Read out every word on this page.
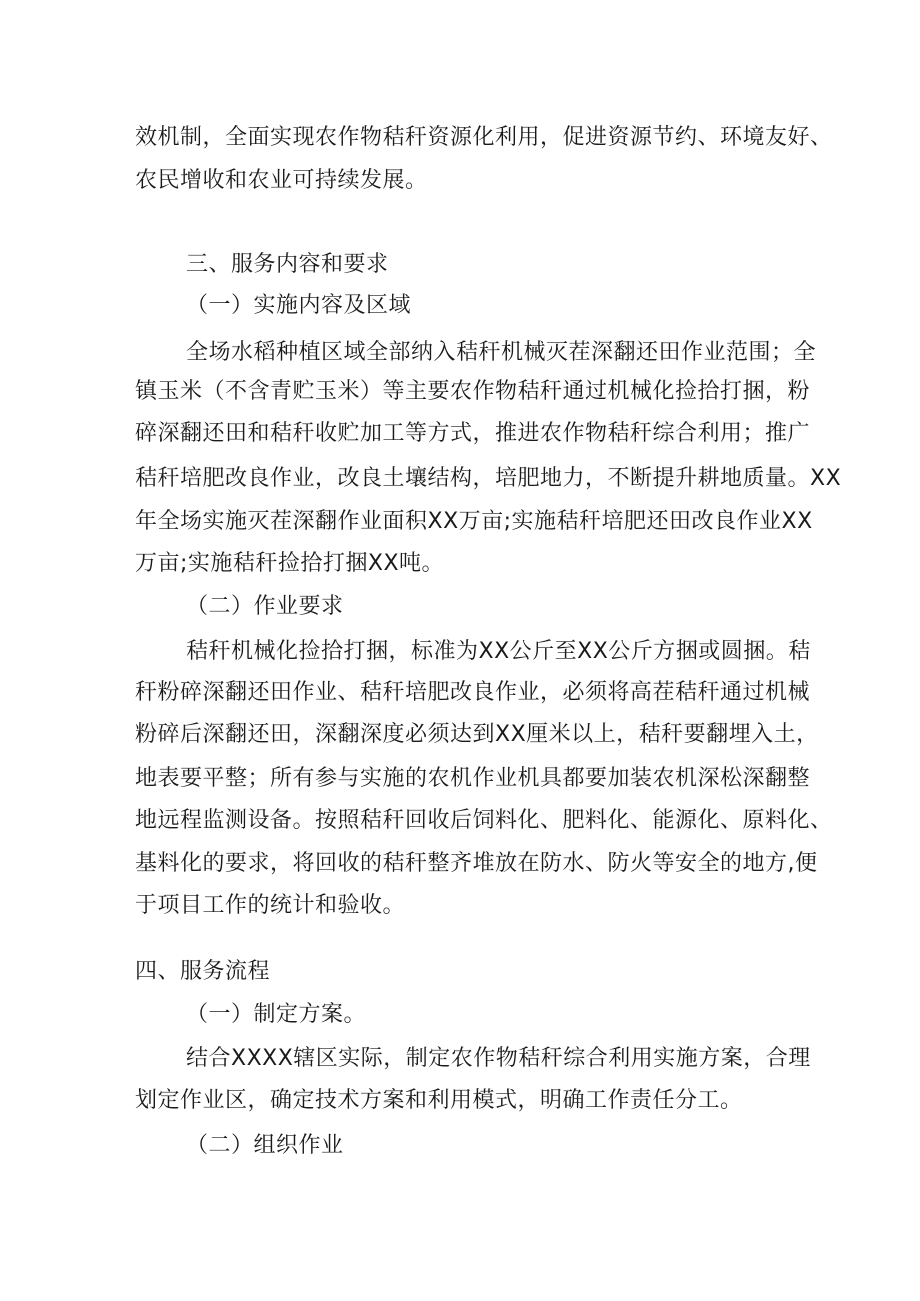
效机制，全面实现农作物秸秆资源化利用，促进资源节约、环境友好、
农民增收和农业可持续发展。
三、服务内容和要求
（一）实施内容及区域
全场水稻种植区域全部纳入秸秆机械灭茬深翻还田作业范围；全
镇玉米（不含青贮玉米）等主要农作物秸秆通过机械化捡拾打捆，粉
碎深翻还田和秸秆收贮加工等方式，推进农作物秸秆综合利用；推广
秸秆培肥改良作业，改良土壤结构，培肥地力，不断提升耕地质量。XX
年全场实施灭茬深翻作业面积XX万亩;实施秸秆培肥还田改良作业XX
万亩;实施秸秆捡拾打捆XX吨。
（二）作业要求
秸秆机械化捡拾打捆，标准为XX公斤至XX公斤方捆或圆捆。秸
秆粉碎深翻还田作业、秸秆培肥改良作业，必须将高茬秸秆通过机械
粉碎后深翻还田，深翻深度必须达到XX厘米以上，秸秆要翻埋入土，
地表要平整；所有参与实施的农机作业机具都要加装农机深松深翻整
地远程监测设备。按照秸秆回收后饲料化、肥料化、能源化、原料化、
基料化的要求，将回收的秸秆整齐堆放在防水、防火等安全的地方,便
于项目工作的统计和验收。
四、服务流程
（一）制定方案。
结合XXXX辖区实际，制定农作物秸秆综合利用实施方案，合理
划定作业区，确定技术方案和利用模式，明确工作责任分工。
（二）组织作业
